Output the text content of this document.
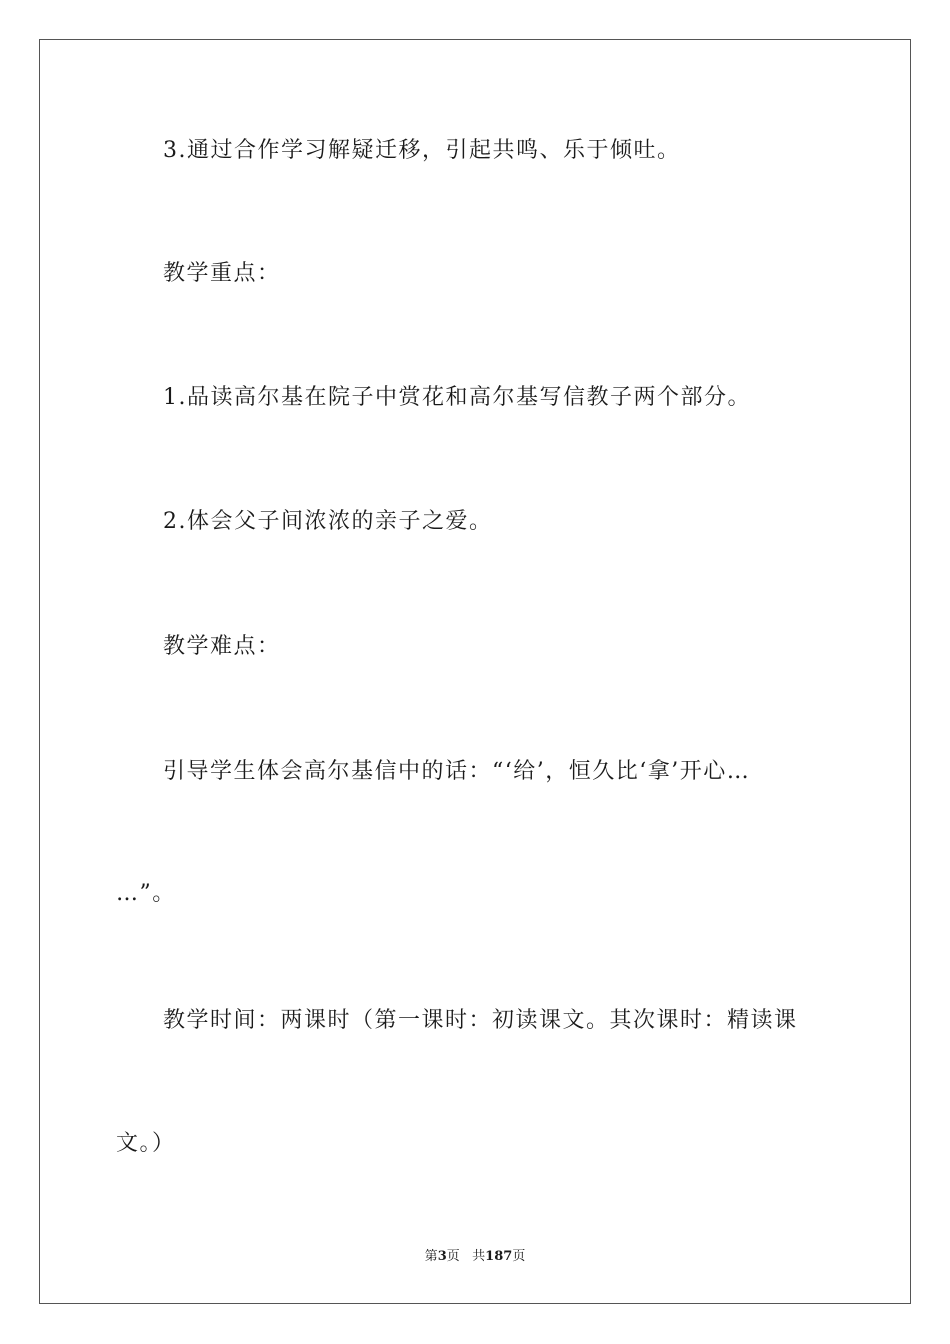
3.通过合作学习解疑迁移，引起共鸣、乐于倾吐。
教学重点：
1.品读高尔基在院子中赏花和高尔基写信教子两个部分。
2.体会父子间浓浓的亲子之爱。
教学难点：
引导学生体会高尔基信中的话：“‘给’，恒久比‘拿’开心…
…”。
教学时间：两课时（第一课时：初读课文。其次课时：精读课
文。）
第3页 共187页
